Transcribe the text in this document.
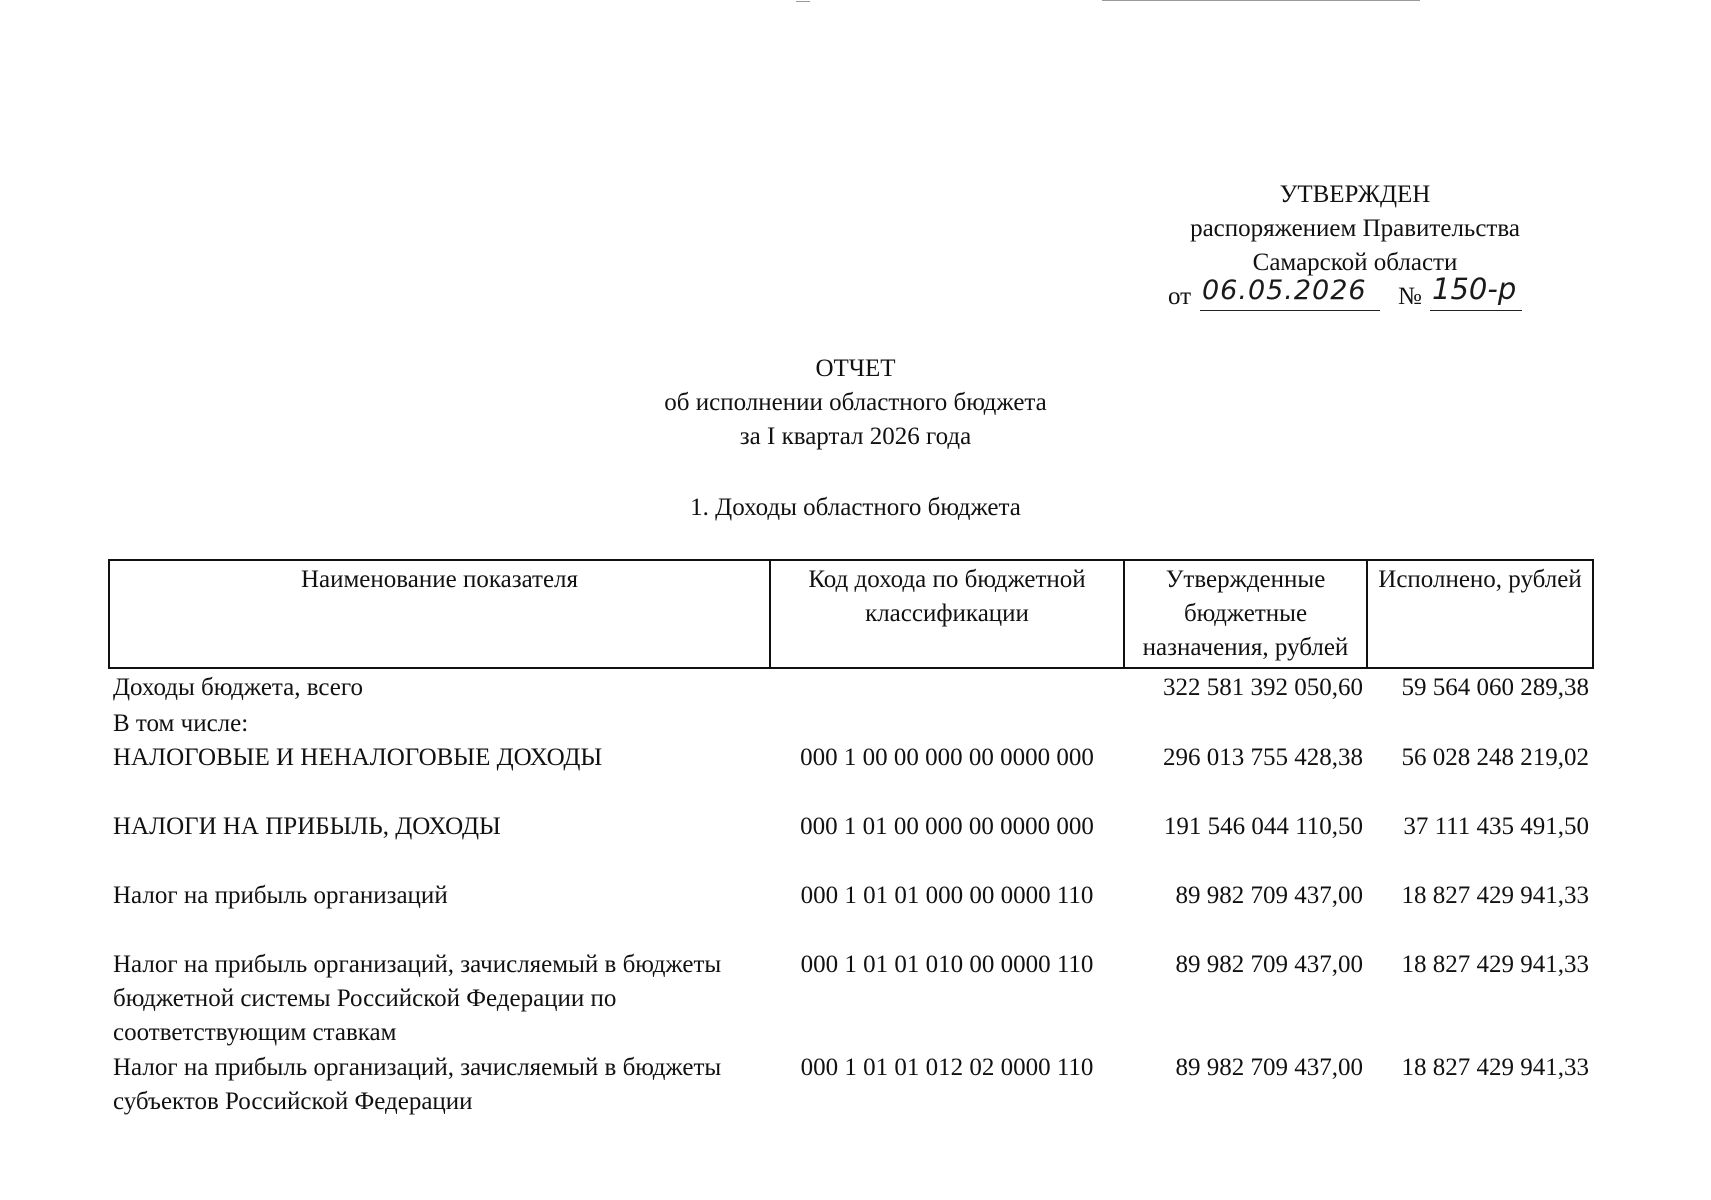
УТВЕРЖДЕН
распоряжением Правительства
Самарской области
от 06.05.2026 № 150-р
ОТЧЕТ
об исполнении областного бюджета
за I квартал 2026 года
1. Доходы областного бюджета
Наименование показателя	Код дохода по бюджетной классификации	Утвержденные бюджетные назначения, рублей	Исполнено, рублей
Доходы бюджета, всего		322 581 392 050,60	59 564 060 289,38
В том числе:			
НАЛОГОВЫЕ И НЕНАЛОГОВЫЕ ДОХОДЫ	000 1 00 00 000 00 0000 000	296 013 755 428,38	56 028 248 219,02
НАЛОГИ НА ПРИБЫЛЬ, ДОХОДЫ	000 1 01 00 000 00 0000 000	191 546 044 110,50	37 111 435 491,50
Налог на прибыль организаций	000 1 01 01 000 00 0000 110	89 982 709 437,00	18 827 429 941,33
Налог на прибыль организаций, зачисляемый в бюджеты бюджетной системы Российской Федерации по соответствующим ставкам	000 1 01 01 010 00 0000 110	89 982 709 437,00	18 827 429 941,33
Налог на прибыль организаций, зачисляемый в бюджеты субъектов Российской Федерации	000 1 01 01 012 02 0000 110	89 982 709 437,00	18 827 429 941,33
